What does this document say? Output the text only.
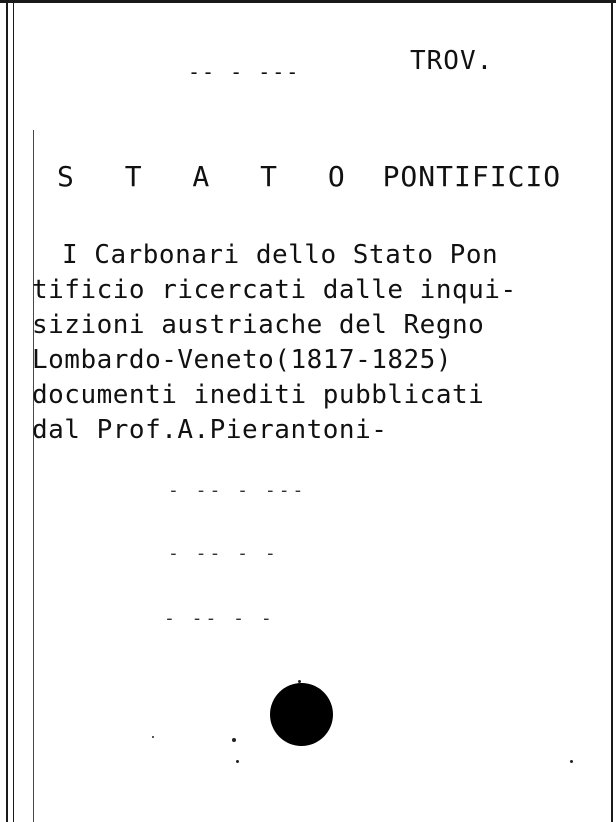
-- - ---	TROV.
S T A T O PONTIFICIO
I Carbonari dello Stato Pon
tificio ricercati dalle inqui-
sizioni austriache del Regno
Lombardo-Veneto(1817-1825)
documenti inediti pubblicati
dal Prof.A.Pierantoni-
- -- - ---
- -- - -
- -- - -
